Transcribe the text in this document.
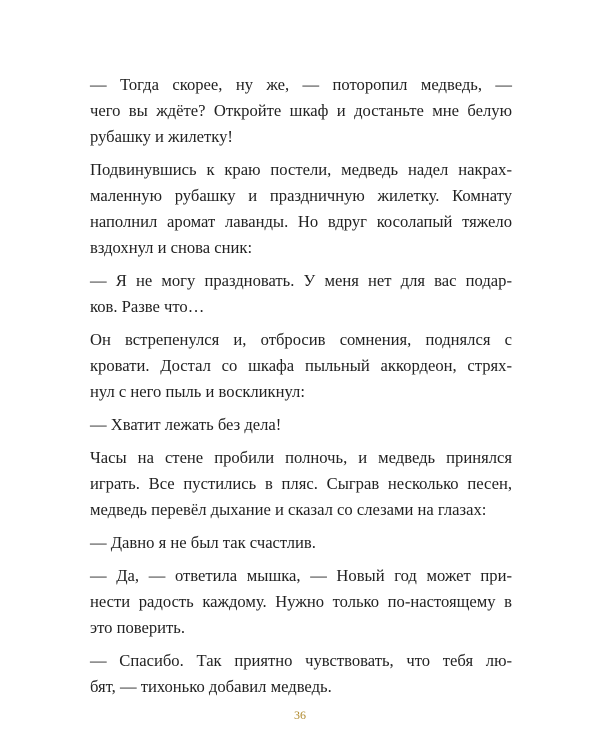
— Тогда скорее, ну же, — поторопил медведь, —
чего вы ждёте? Откройте шкаф и достаньте мне белую
рубашку и жилетку!

Подвинувшись к краю постели, медведь надел накрах-
маленную рубашку и праздничную жилетку. Комнату
наполнил аромат лаванды. Но вдруг косолапый тяжело
вздохнул и снова сник:

— Я не могу праздновать. У меня нет для вас подар-
ков. Разве что…

Он встрепенулся и, отбросив сомнения, поднялся с
кровати. Достал со шкафа пыльный аккордеон, стрях-
нул с него пыль и воскликнул:

— Хватит лежать без дела!

Часы на стене пробили полночь, и медведь принялся
играть. Все пустились в пляс. Сыграв несколько песен,
медведь перевёл дыхание и сказал со слезами на глазах:

— Давно я не был так счастлив.

— Да, — ответила мышка, — Новый год может при-
нести радость каждому. Нужно только по-настоящему в
это поверить.

— Спасибо. Так приятно чувствовать, что тебя лю-
бят, — тихонько добавил медведь.

36
